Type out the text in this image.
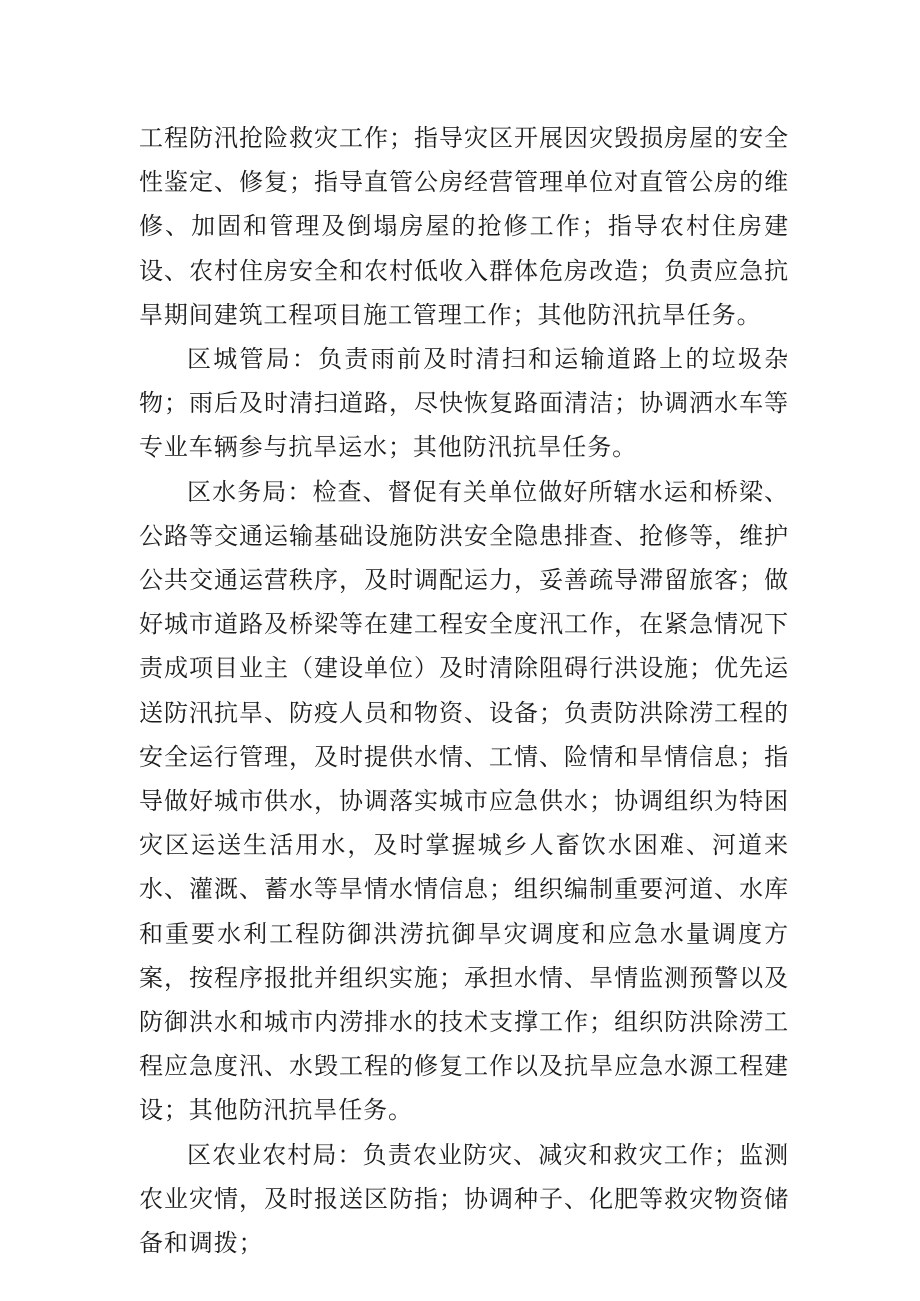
工程防汛抢险救灾工作；指导灾区开展因灾毁损房屋的安全性鉴定、修复；指导直管公房经营管理单位对直管公房的维修、加固和管理及倒塌房屋的抢修工作；指导农村住房建设、农村住房安全和农村低收入群体危房改造；负责应急抗旱期间建筑工程项目施工管理工作；其他防汛抗旱任务。

区城管局：负责雨前及时清扫和运输道路上的垃圾杂物；雨后及时清扫道路，尽快恢复路面清洁；协调洒水车等专业车辆参与抗旱运水；其他防汛抗旱任务。

区水务局：检查、督促有关单位做好所辖水运和桥梁、公路等交通运输基础设施防洪安全隐患排查、抢修等，维护公共交通运营秩序，及时调配运力，妥善疏导滞留旅客；做好城市道路及桥梁等在建工程安全度汛工作，在紧急情况下责成项目业主（建设单位）及时清除阻碍行洪设施；优先运送防汛抗旱、防疫人员和物资、设备；负责防洪除涝工程的安全运行管理，及时提供水情、工情、险情和旱情信息；指导做好城市供水，协调落实城市应急供水；协调组织为特困灾区运送生活用水，及时掌握城乡人畜饮水困难、河道来水、灌溉、蓄水等旱情水情信息；组织编制重要河道、水库和重要水利工程防御洪涝抗御旱灾调度和应急水量调度方案，按程序报批并组织实施；承担水情、旱情监测预警以及防御洪水和城市内涝排水的技术支撑工作；组织防洪除涝工程应急度汛、水毁工程的修复工作以及抗旱应急水源工程建设；其他防汛抗旱任务。

区农业农村局：负责农业防灾、减灾和救灾工作；监测农业灾情，及时报送区防指；协调种子、化肥等救灾物资储备和调拨；
